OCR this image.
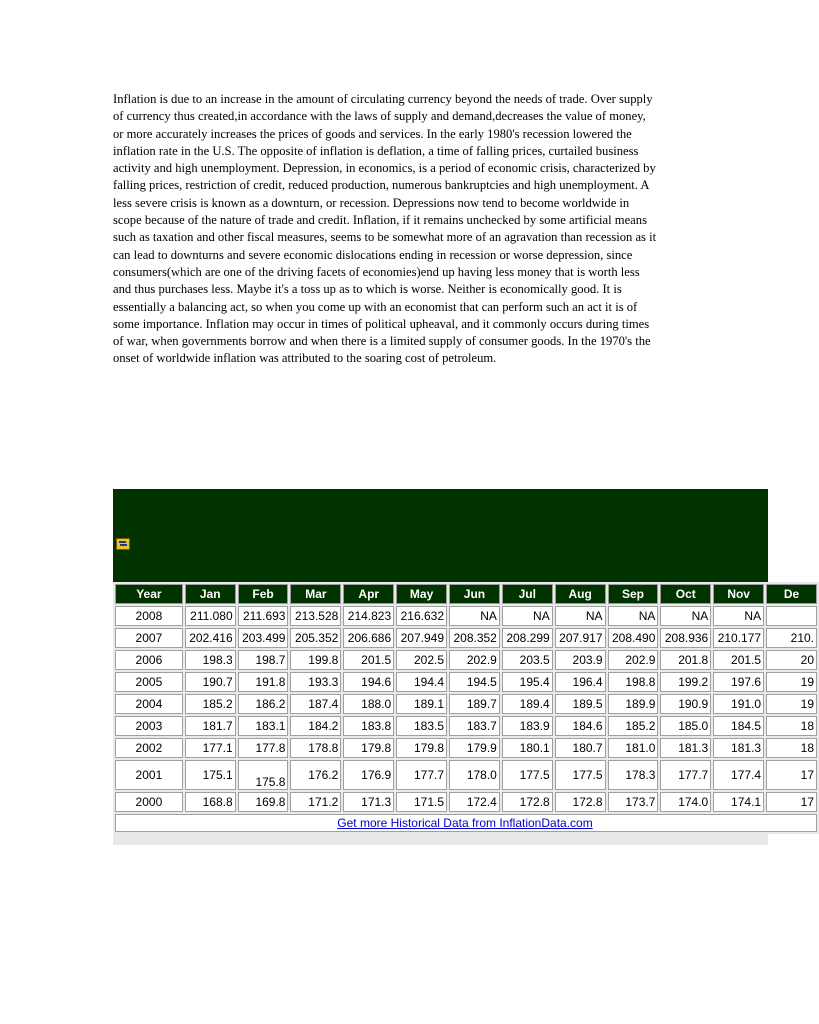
Inflation is due to an increase in the amount of circulating currency beyond the needs of trade. Over supply of currency thus created,in accordance with the laws of supply and demand,decreases the value of money, or more accurately increases the prices of goods and services. In the early 1980's recession lowered the inflation rate in the U.S. The opposite of inflation is deflation, a time of falling prices, curtailed business activity and high unemployment. Depression, in economics, is a period of economic crisis, characterized by falling prices, restriction of credit, reduced production, numerous bankruptcies and high unemployment. A less severe crisis is known as a downturn, or recession. Depressions now tend to become worldwide in scope because of the nature of trade and credit. Inflation, if it remains unchecked by some artificial means such as taxation and other fiscal measures, seems to be somewhat more of an agravation than recession as it can lead to downturns and severe economic dislocations ending in recession or worse depression, since consumers(which are one of the driving facets of economies)end up having less money that is worth less and thus purchases less. Maybe it's a toss up as to which is worse. Neither is economically good. It is essentially a balancing act, so when you come up with an economist that can perform such an act it is of some importance. Inflation may occur in times of political upheaval, and it commonly occurs during times of war, when governments borrow and when there is a limited supply of consumer goods. In the 1970's the onset of worldwide inflation was attributed to the soaring cost of petroleum.

Year	Jan	Feb	Mar	Apr	May	Jun	Jul	Aug	Sep	Oct	Nov	De
2008	211.080	211.693	213.528	214.823	216.632	NA	NA	NA	NA	NA	NA	
2007	202.416	203.499	205.352	206.686	207.949	208.352	208.299	207.917	208.490	208.936	210.177	210.
2006	198.3	198.7	199.8	201.5	202.5	202.9	203.5	203.9	202.9	201.8	201.5	20
2005	190.7	191.8	193.3	194.6	194.4	194.5	195.4	196.4	198.8	199.2	197.6	19
2004	185.2	186.2	187.4	188.0	189.1	189.7	189.4	189.5	189.9	190.9	191.0	19
2003	181.7	183.1	184.2	183.8	183.5	183.7	183.9	184.6	185.2	185.0	184.5	18
2002	177.1	177.8	178.8	179.8	179.8	179.9	180.1	180.7	181.0	181.3	181.3	18
2001	175.1	175.8	176.2	176.9	177.7	178.0	177.5	177.5	178.3	177.7	177.4	17
2000	168.8	169.8	171.2	171.3	171.5	172.4	172.8	172.8	173.7	174.0	174.1	17
Get more Historical Data from InflationData.com												
